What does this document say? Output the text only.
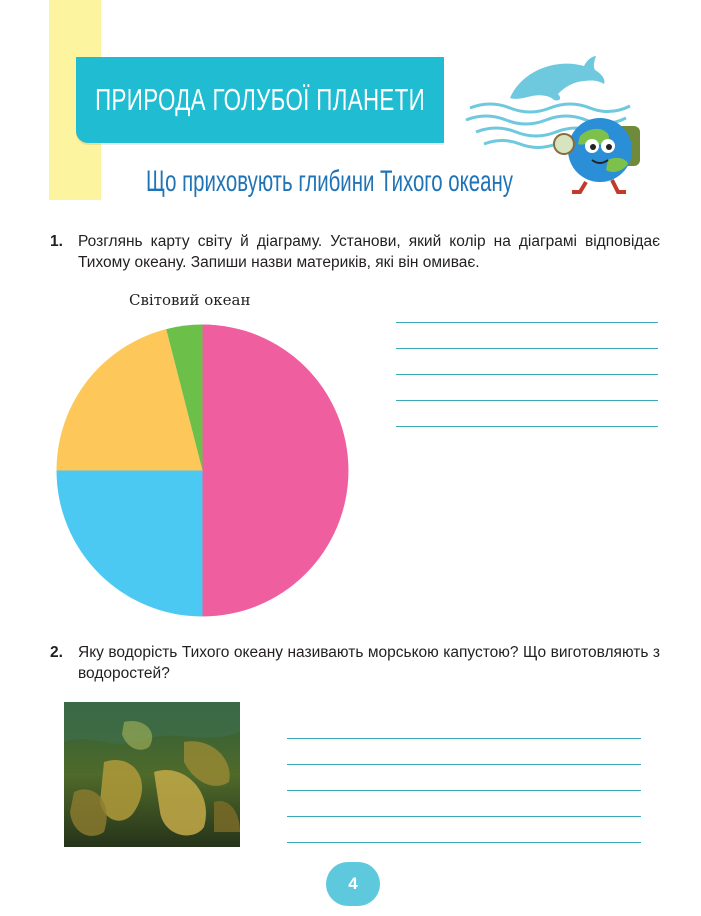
ПРИРОДА ГОЛУБОЇ ПЛАНЕТИ
Що приховують глибини Тихого океану
1. Розглянь карту світу й діаграму. Установи, який колір на діаграмі відповідає Тихому океану. Запиши назви материків, які він омиває.
Світовий океан
2. Яку водорість Тихого океану називають морською капустою? Що виготовляють з водоростей?
4
